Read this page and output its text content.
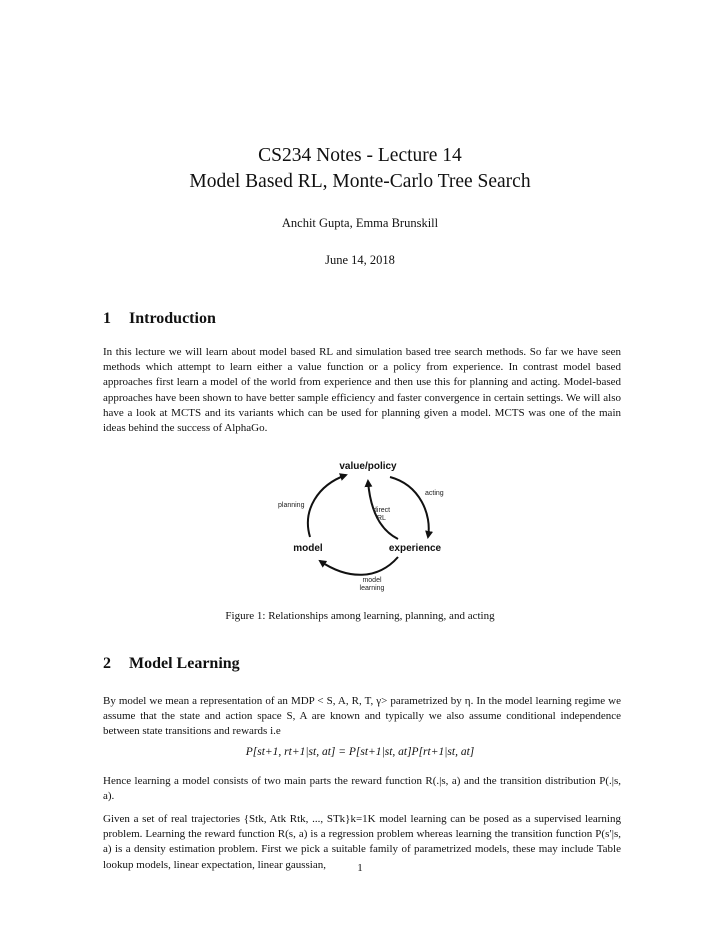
CS234 Notes - Lecture 14
Model Based RL, Monte-Carlo Tree Search
Anchit Gupta, Emma Brunskill
June 14, 2018
1 Introduction
In this lecture we will learn about model based RL and simulation based tree search methods. So far we have seen methods which attempt to learn either a value function or a policy from experience. In contrast model based approaches first learn a model of the world from experience and then use this for planning and acting. Model-based approaches have been shown to have better sample efficiency and faster convergence in certain settings. We will also have a look at MCTS and its variants which can be used for planning given a model. MCTS was one of the main ideas behind the success of AlphaGo.
value/policy
model	experience
acting
planning
direct
RL
model
learning
Figure 1: Relationships among learning, planning, and acting
2 Model Learning
By model we mean a representation of an MDP < S, A, R, T, γ> parametrized by η. In the model learning regime we assume that the state and action space S, A are known and typically we also assume conditional independence between state transitions and rewards i.e
P[st+1, rt+1|st, at] = P[st+1|st, at]P[rt+1|st, at]
Hence learning a model consists of two main parts the reward function R(.|s, a) and the transition distribution P(.|s, a).
Given a set of real trajectories {Stk, Atk Rtk, ..., STk}k=1K model learning can be posed as a supervised learning problem. Learning the reward function R(s, a) is a regression problem whereas learning the transition function P(s′|s, a) is a density estimation problem. First we pick a suitable family of parametrized models, these may include Table lookup models, linear expectation, linear gaussian,	1
